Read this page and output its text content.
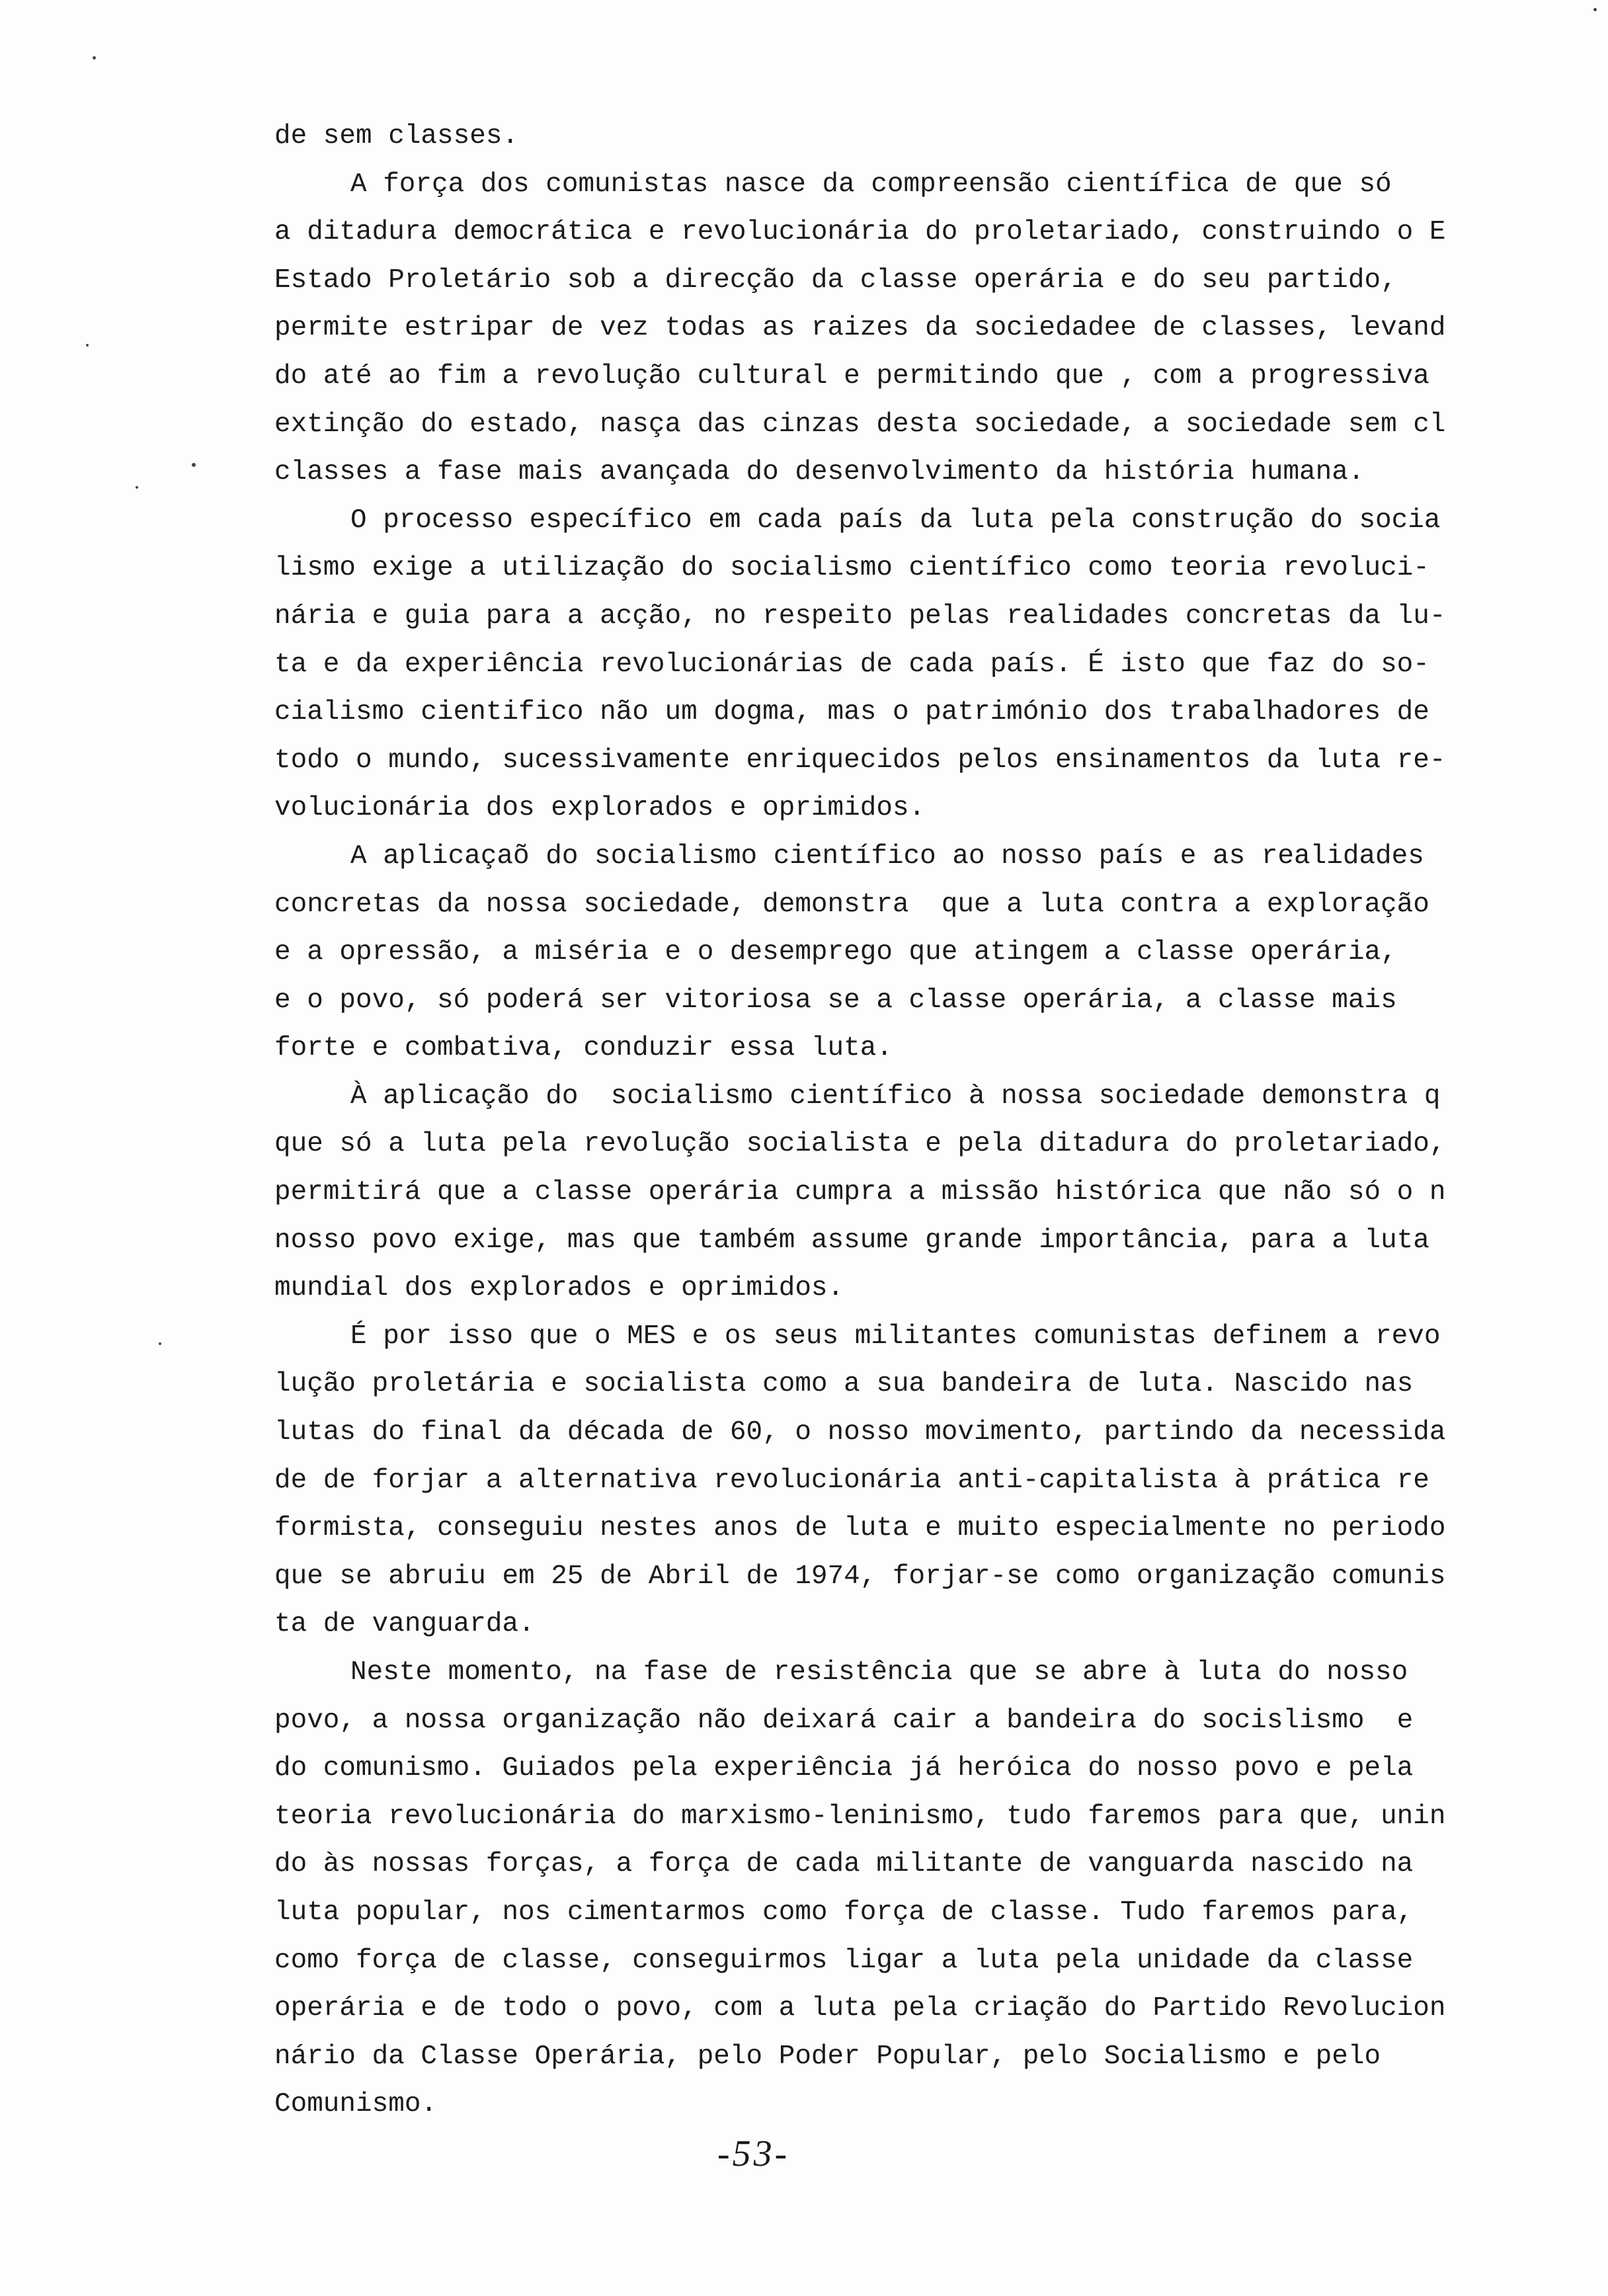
de sem classes.
A força dos comunistas nasce da compreensão científica de que só
a ditadura democrática e revolucionária do proletariado, construindo o E
Estado Proletário sob a direcção da classe operária e do seu partido,
permite estripar de vez todas as raizes da sociedadee de classes, levand
do até ao fim a revolução cultural e permitindo que , com a progressiva
extinção do estado, nasça das cinzas desta sociedade, a sociedade sem cl
classes a fase mais avançada do desenvolvimento da história humana.
O processo específico em cada país da luta pela construção do socia
lismo exige a utilização do socialismo científico como teoria revoluci-
nária e guia para a acção, no respeito pelas realidades concretas da lu-
ta e da experiência revolucionárias de cada país. É isto que faz do so-
cialismo cientifico não um dogma, mas o património dos trabalhadores de
todo o mundo, sucessivamente enriquecidos pelos ensinamentos da luta re-
volucionária dos explorados e oprimidos.
A aplicaçaõ do socialismo científico ao nosso país e as realidades
concretas da nossa sociedade, demonstra  que a luta contra a exploração
e a opressão, a miséria e o desemprego que atingem a classe operária,
e o povo, só poderá ser vitoriosa se a classe operária, a classe mais
forte e combativa, conduzir essa luta.
À aplicação do  socialismo científico à nossa sociedade demonstra q
que só a luta pela revolução socialista e pela ditadura do proletariado,
permitirá que a classe operária cumpra a missão histórica que não só o n
nosso povo exige, mas que também assume grande importância, para a luta
mundial dos explorados e oprimidos.
É por isso que o MES e os seus militantes comunistas definem a revo
lução proletária e socialista como a sua bandeira de luta. Nascido nas
lutas do final da década de 60, o nosso movimento, partindo da necessida
de de forjar a alternativa revolucionária anti-capitalista à prática re
formista, conseguiu nestes anos de luta e muito especialmente no periodo
que se abruiu em 25 de Abril de 1974, forjar-se como organização comunis
ta de vanguarda.
Neste momento, na fase de resistência que se abre à luta do nosso
povo, a nossa organização não deixará cair a bandeira do socislismo  e
do comunismo. Guiados pela experiência já heróica do nosso povo e pela
teoria revolucionária do marxismo-leninismo, tudo faremos para que, unin
do às nossas forças, a força de cada militante de vanguarda nascido na
luta popular, nos cimentarmos como força de classe. Tudo faremos para,
como força de classe, conseguirmos ligar a luta pela unidade da classe
operária e de todo o povo, com a luta pela criação do Partido Revolucion
nário da Classe Operária, pelo Poder Popular, pelo Socialismo e pelo
Comunismo.
-53-
